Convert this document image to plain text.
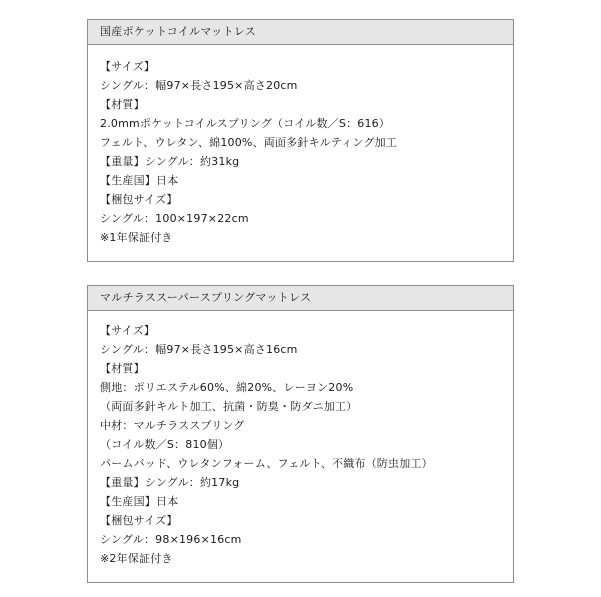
国産ポケットコイルマットレス
【サイズ】
シングル：幅97×長さ195×高さ20cm
【材質】
2.0mmポケットコイルスプリング（コイル数／S：616）
フェルト、ウレタン、綿100%、両面多針キルティング加工
【重量】シングル：約31kg
【生産国】日本
【梱包サイズ】
シングル：100×197×22cm
※1年保証付き
マルチラススーパースプリングマットレス
【サイズ】
シングル：幅97×長さ195×高さ16cm
【材質】
側地：ポリエステル60%、綿20%、レーヨン20%
（両面多針キルト加工、抗菌・防臭・防ダニ加工）
中材：マルチラススプリング
（コイル数／S：810個）
パームバッド、ウレタンフォーム、フェルト、不織布（防虫加工）
【重量】シングル：約17kg
【生産国】日本
【梱包サイズ】
シングル：98×196×16cm
※2年保証付き
